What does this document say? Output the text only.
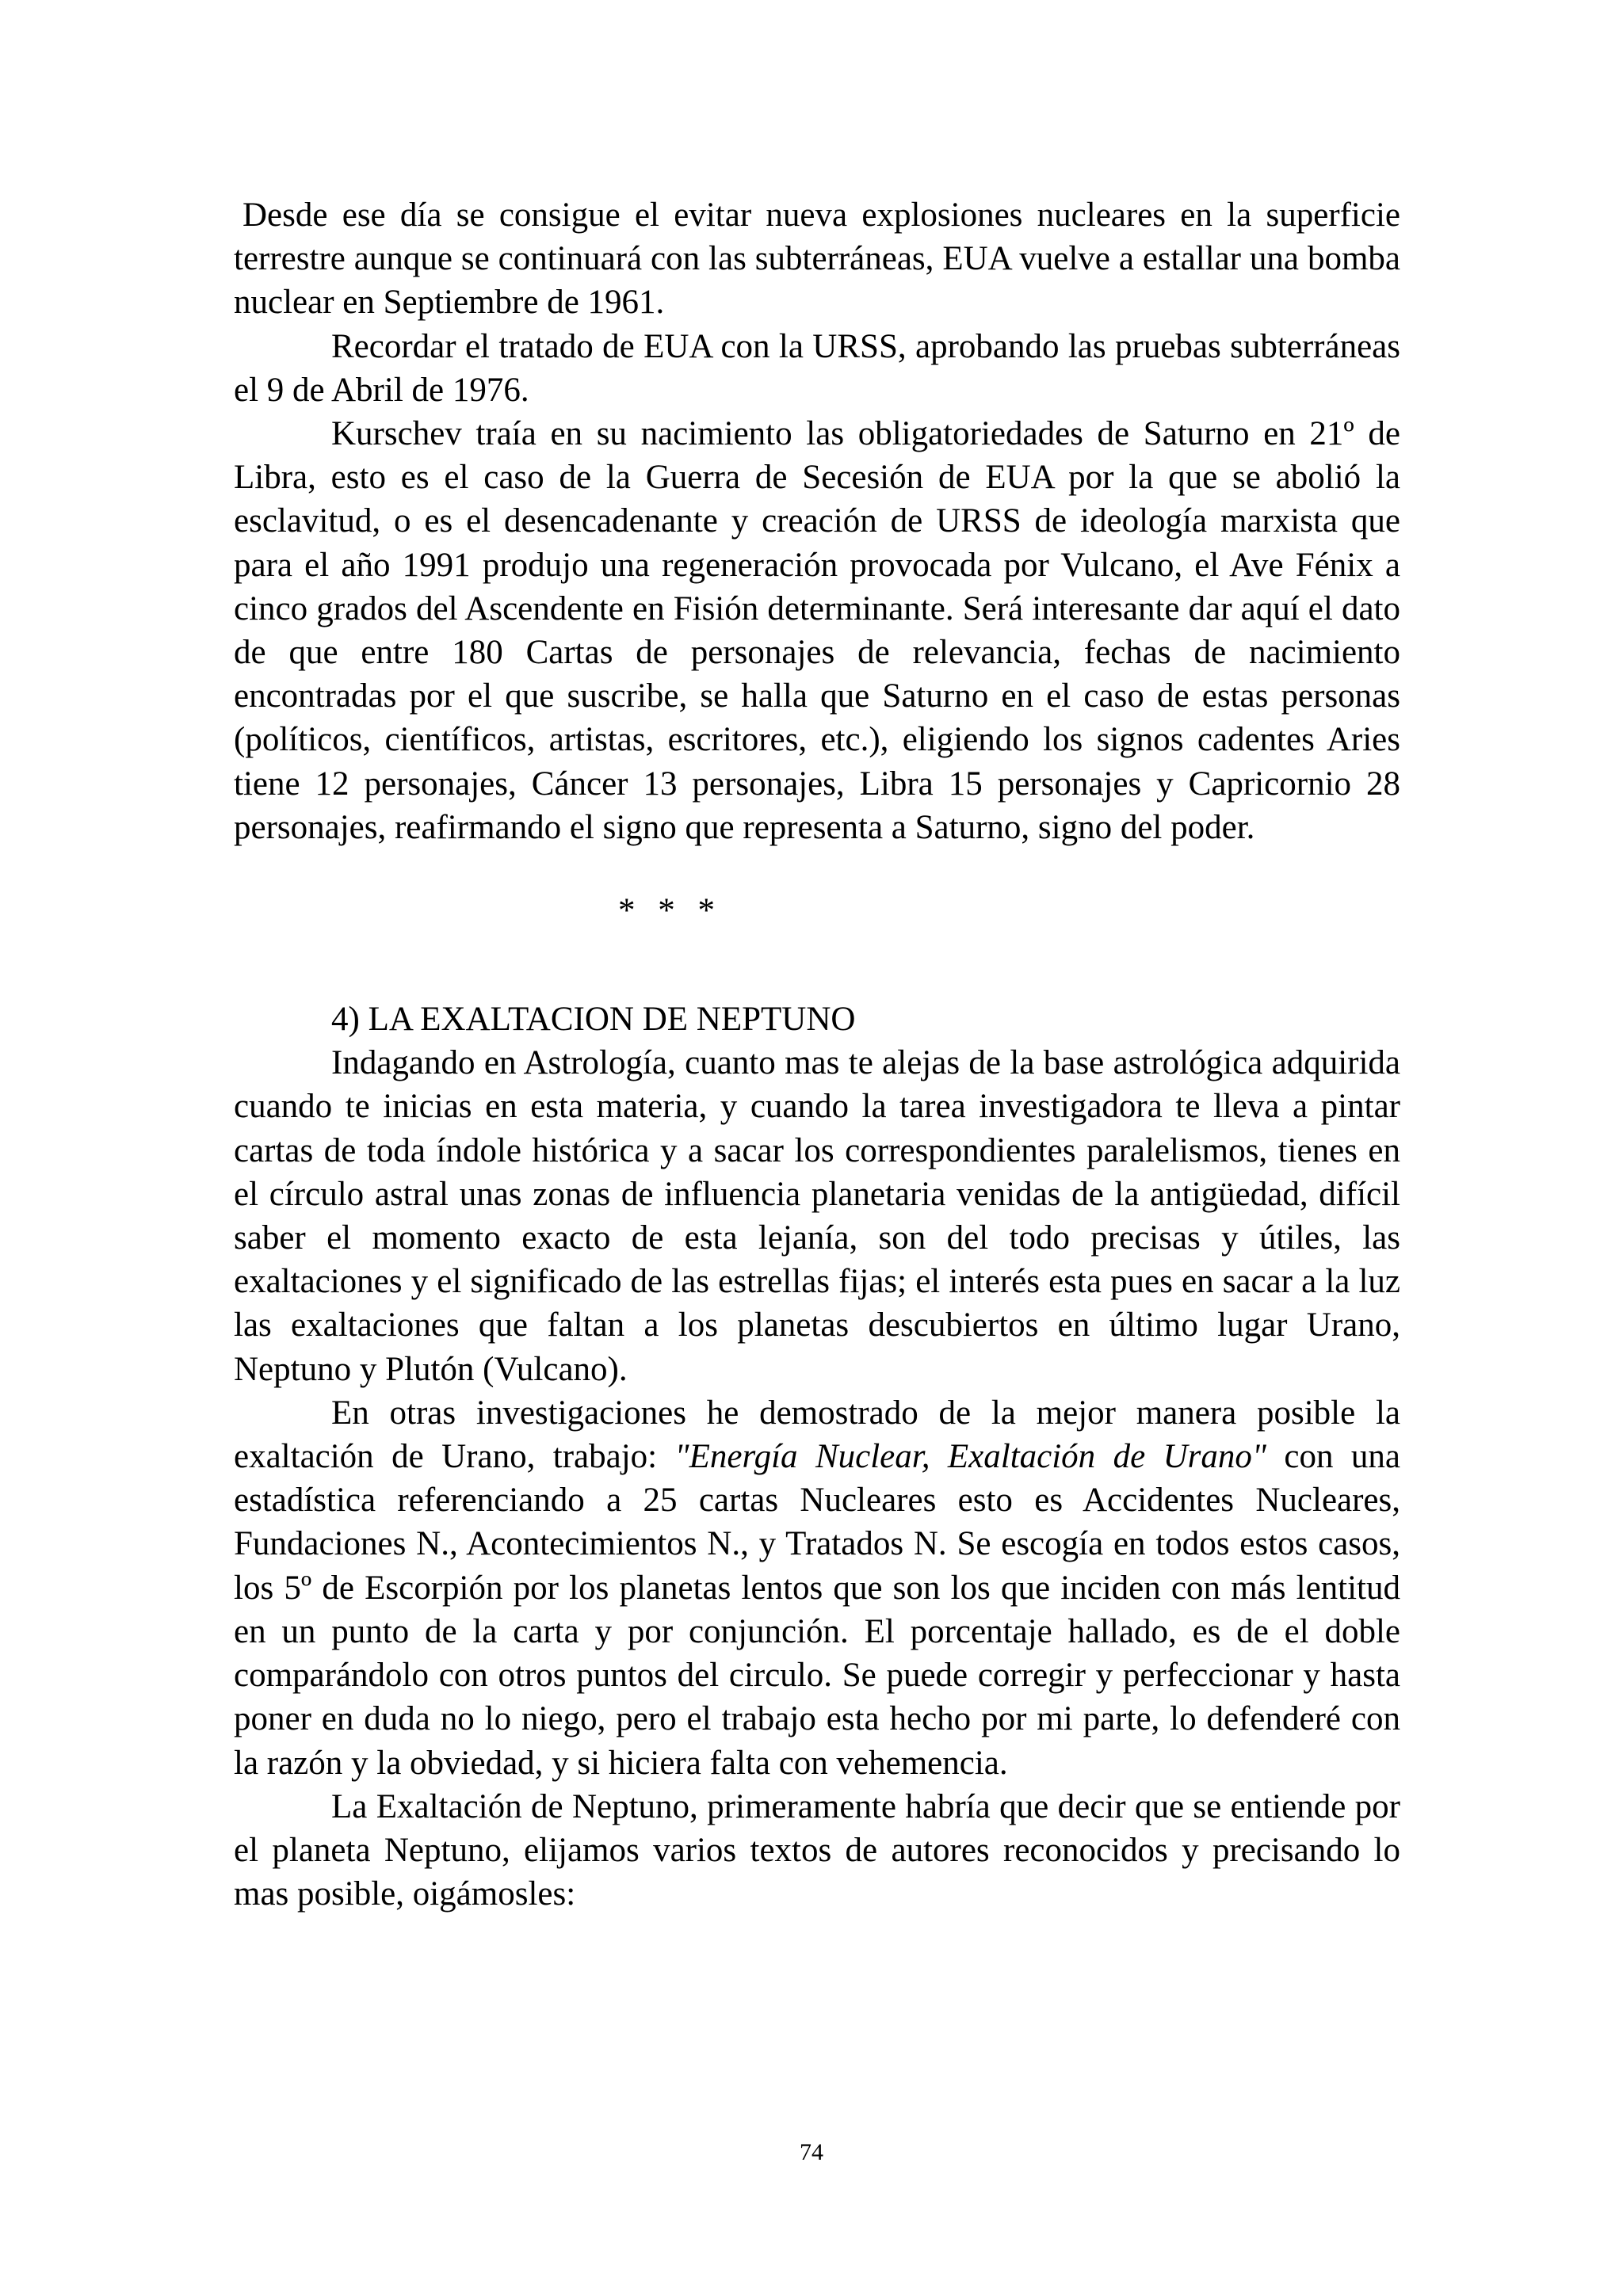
Desde ese día se consigue el evitar nueva explosiones nucleares en la superficie terrestre aunque se continuará con las subterráneas, EUA vuelve a estallar una bomba nuclear en Septiembre de 1961.

Recordar el tratado de EUA con la URSS, aprobando las pruebas subterráneas el 9 de Abril de 1976.

Kurschev traía en su nacimiento las obligatoriedades de Saturno en 21º de Libra, esto es el caso de la Guerra de Secesión de EUA por la que se abolió la esclavitud, o es el desencadenante y creación de URSS de ideología marxista que para el año 1991 produjo una regeneración provocada por Vulcano, el Ave Fénix a cinco grados del Ascendente en Fisión determinante. Será interesante dar aquí el dato de que entre 180 Cartas de personajes de relevancia, fechas de nacimiento encontradas por el que suscribe, se halla que Saturno en el caso de estas personas (políticos, científicos, artistas, escritores, etc.), eligiendo los signos cadentes Aries tiene 12 personajes, Cáncer 13 personajes, Libra 15 personajes y Capricornio 28 personajes, reafirmando el signo que representa a Saturno, signo del poder.

* * *

4) LA EXALTACION DE NEPTUNO

Indagando en Astrología, cuanto mas te alejas de la base astrológica adquirida cuando te inicias en esta materia, y cuando la tarea investigadora te lleva a pintar cartas de toda índole histórica y a sacar los correspondientes paralelismos, tienes en el círculo astral unas zonas de influencia planetaria venidas de la antigüedad, difícil saber el momento exacto de esta lejanía, son del todo precisas y útiles, las exaltaciones y el significado de las estrellas fijas; el interés esta pues en sacar a la luz las exaltaciones que faltan a los planetas descubiertos en último lugar Urano, Neptuno y Plutón (Vulcano).

En otras investigaciones he demostrado de la mejor manera posible la exaltación de Urano, trabajo: "Energía Nuclear, Exaltación de Urano" con una estadística referenciando a 25 cartas Nucleares esto es Accidentes Nucleares, Fundaciones N., Acontecimientos N., y Tratados N. Se escogía en todos estos casos, los 5º de Escorpión por los planetas lentos que son los que inciden con más lentitud en un punto de la carta y por conjunción. El porcentaje hallado, es de el doble comparándolo con otros puntos del circulo. Se puede corregir y perfeccionar y hasta poner en duda no lo niego, pero el trabajo esta hecho por mi parte, lo defenderé con la razón y la obviedad, y si hiciera falta con vehemencia.

La Exaltación de Neptuno, primeramente habría que decir que se entiende por el planeta Neptuno, elijamos varios textos de autores reconocidos y precisando lo mas posible, oigámosles:

74
